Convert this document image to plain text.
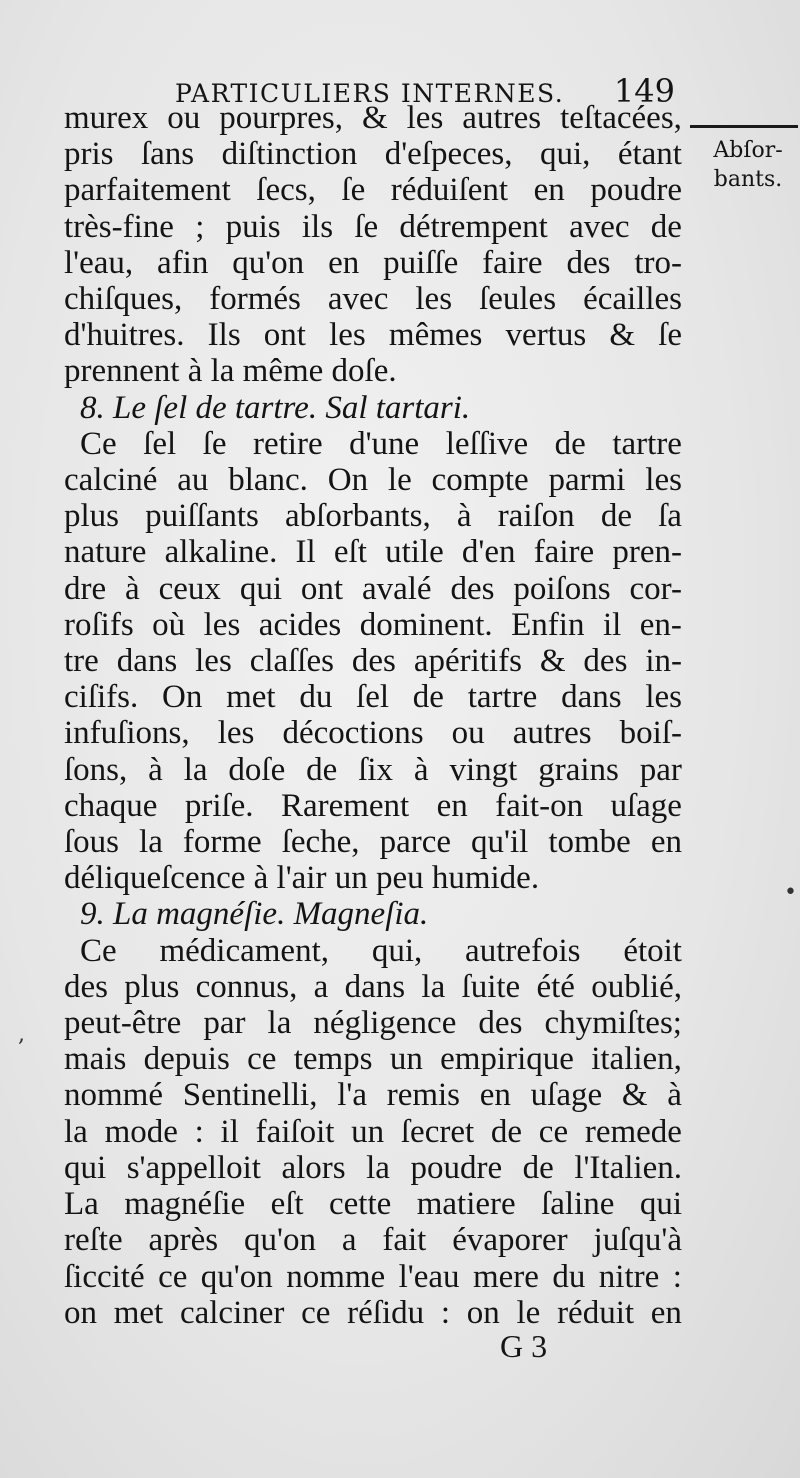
PARTICULIERS INTERNES. 149
Abſor-
bants.
murex ou pourpres, & les autres teſtacées,
pris ſans diſtinction d'eſpeces, qui, étant
parfaitement ſecs, ſe réduiſent en poudre
très-fine ; puis ils ſe détrempent avec de
l'eau, afin qu'on en puiſſe faire des tro-
chiſques, formés avec les ſeules écailles
d'huitres. Ils ont les mêmes vertus & ſe
prennent à la même doſe.
8. Le ſel de tartre. Sal tartari.
Ce ſel ſe retire d'une leſſive de tartre
calciné au blanc. On le compte parmi les
plus puiſſants abſorbants, à raiſon de ſa
nature alkaline. Il eſt utile d'en faire pren-
dre à ceux qui ont avalé des poiſons cor-
roſifs où les acides dominent. Enfin il en-
tre dans les claſſes des apéritifs & des in-
ciſifs. On met du ſel de tartre dans les
infuſions, les décoctions ou autres boiſ-
ſons, à la doſe de ſix à vingt grains par
chaque priſe. Rarement en fait-on uſage
ſous la forme ſeche, parce qu'il tombe en
déliqueſcence à l'air un peu humide.
9. La magnéſie. Magneſia.
Ce médicament, qui, autrefois étoit
des plus connus, a dans la ſuite été oublié,
peut-être par la négligence des chymiſtes;
mais depuis ce temps un empirique italien,
nommé Sentinelli, l'a remis en uſage & à
la mode : il faiſoit un ſecret de ce remede
qui s'appelloit alors la poudre de l'Italien.
La magnéſie eſt cette matiere ſaline qui
reſte après qu'on a fait évaporer juſqu'à
ſiccité ce qu'on nomme l'eau mere du nitre :
on met calciner ce réſidu : on le réduit en
G 3
,
•
